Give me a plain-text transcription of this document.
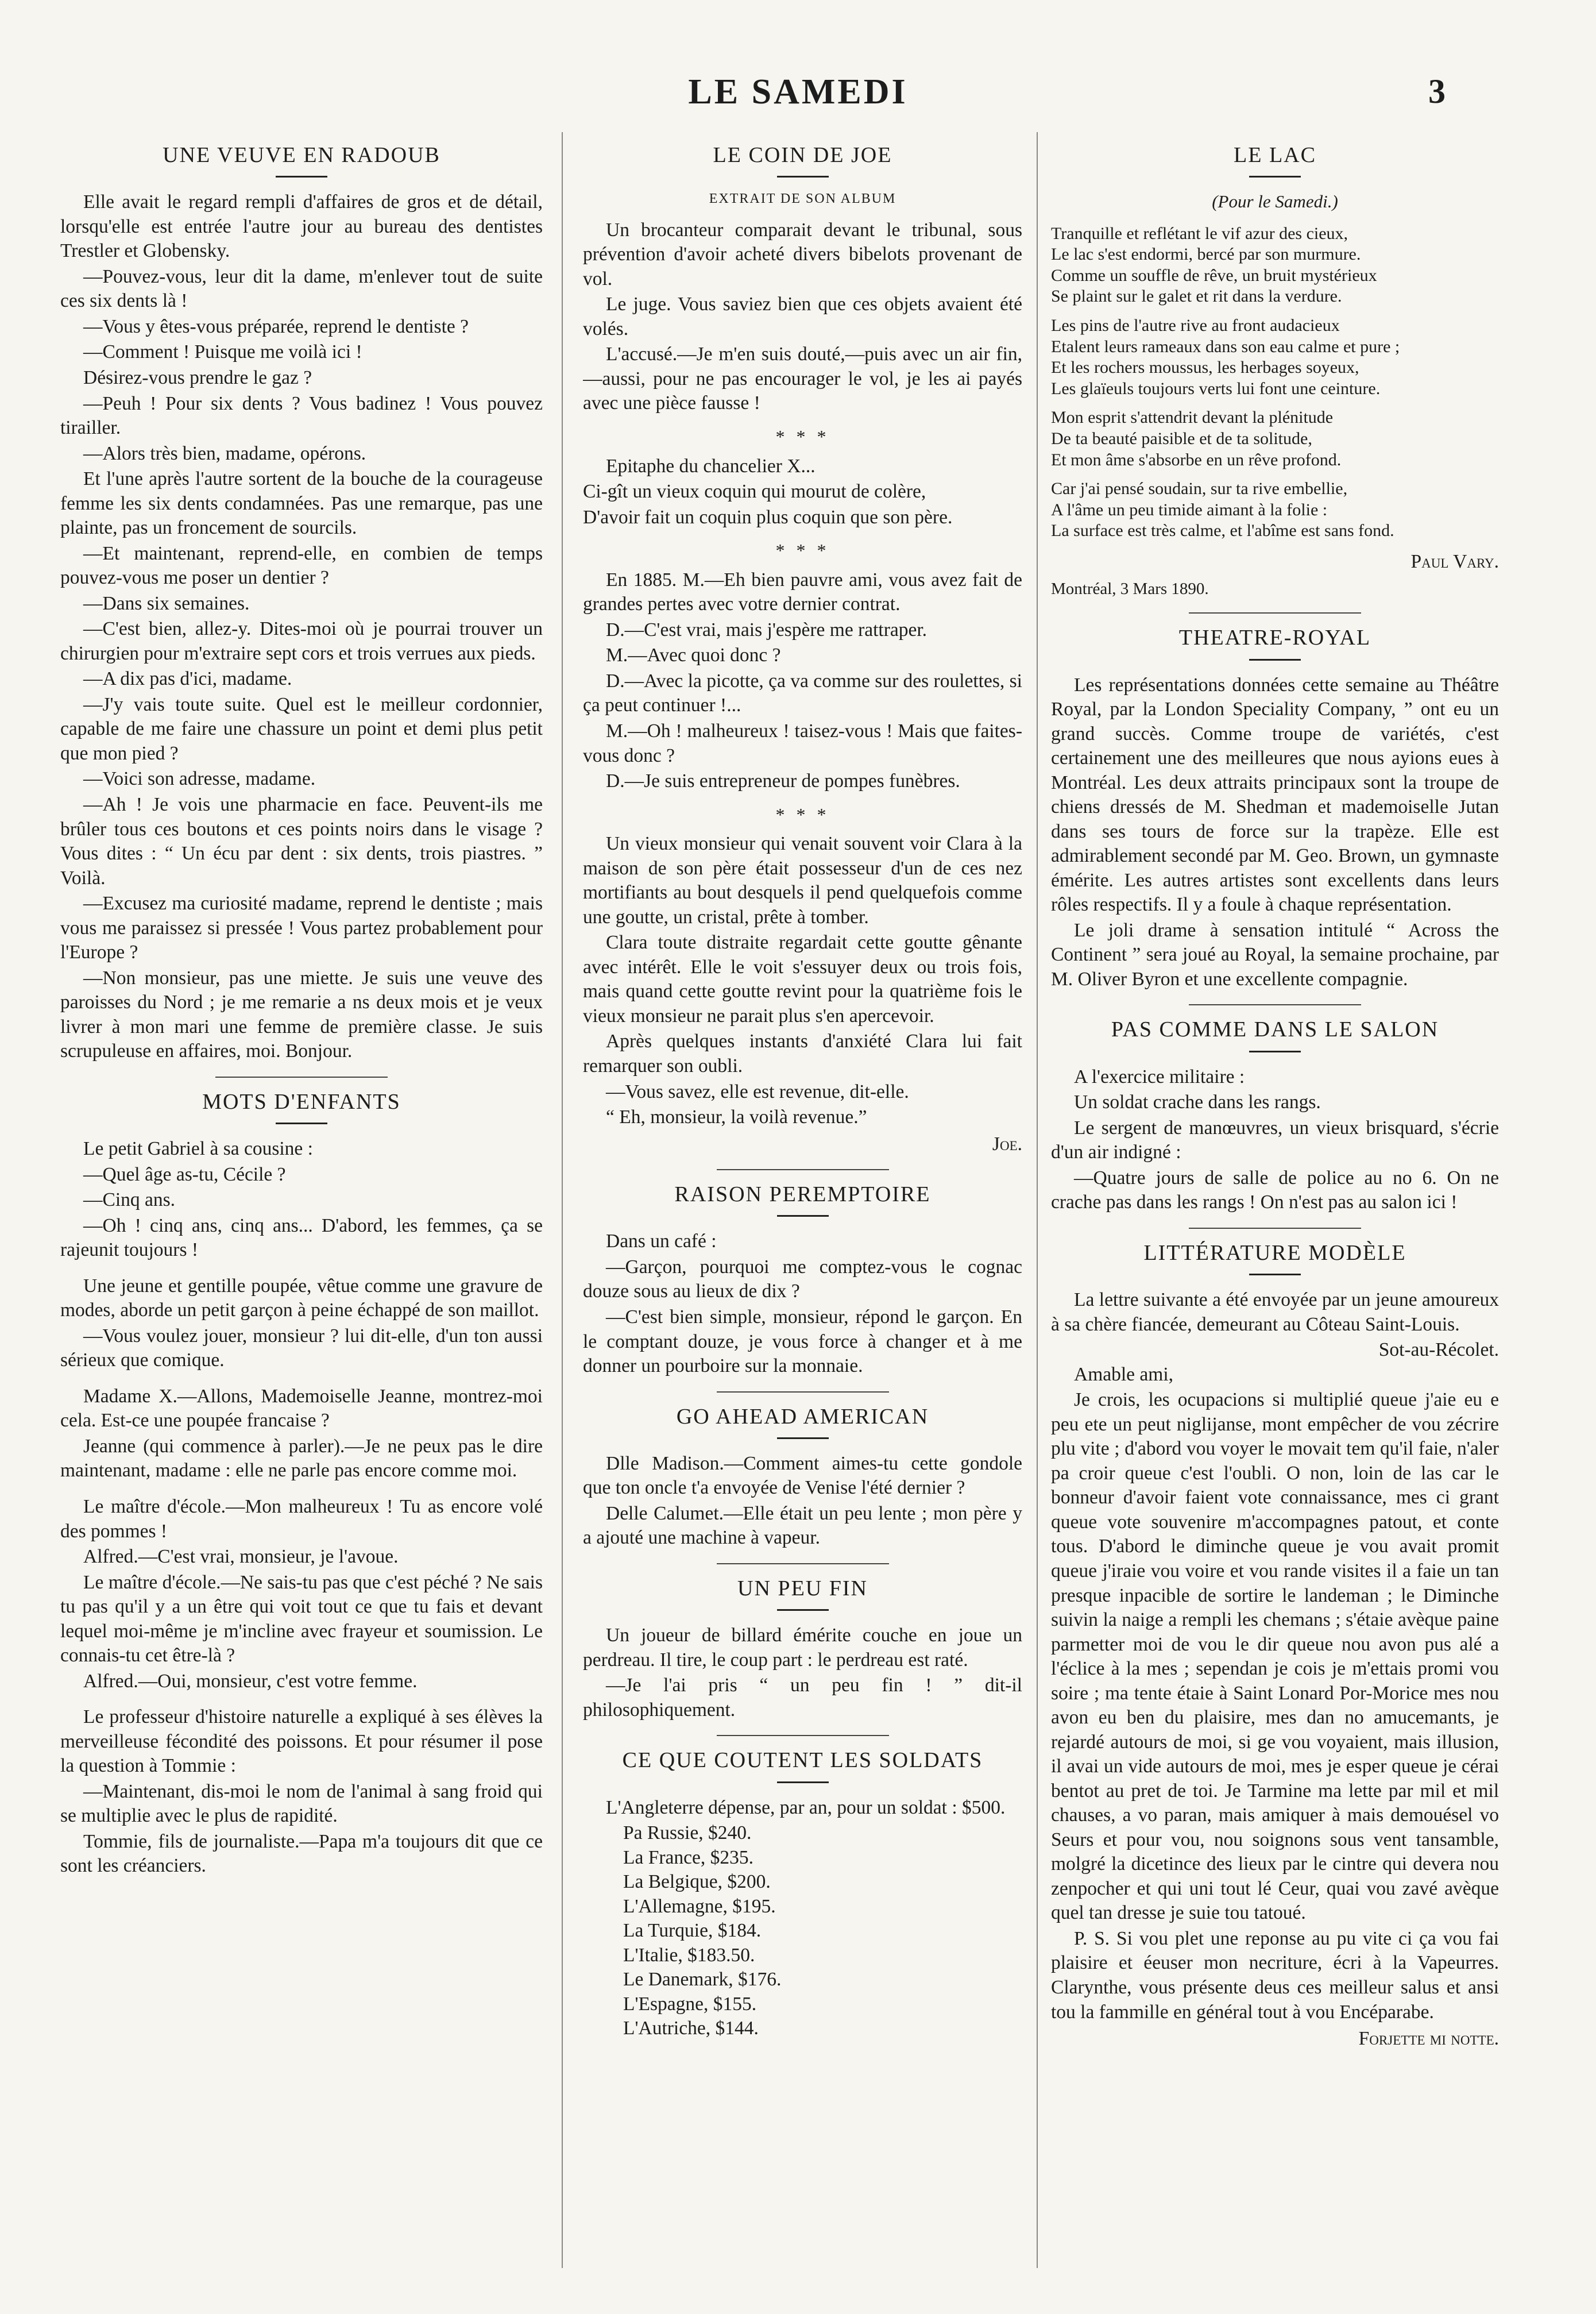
LE SAMEDI	3
UNE VEUVE EN RADOUB

Elle avait le regard rempli d'affaires de gros et de détail, lorsqu'elle est entrée l'autre jour au bureau des dentistes Trestler et Globensky.

—Pouvez-vous, leur dit la dame, m'enlever tout de suite ces six dents là !

—Vous y êtes-vous préparée, reprend le dentiste ?

—Comment ! Puisque me voilà ici !

Désirez-vous prendre le gaz ?

—Peuh ! Pour six dents ? Vous badinez ! Vous pouvez tirailler.

—Alors très bien, madame, opérons.

Et l'une après l'autre sortent de la bouche de la courageuse femme les six dents condamnées. Pas une remarque, pas une plainte, pas un froncement de sourcils.

—Et maintenant, reprend-elle, en combien de temps pouvez-vous me poser un dentier ?

—Dans six semaines.

—C'est bien, allez-y. Dites-moi où je pourrai trouver un chirurgien pour m'extraire sept cors et trois verrues aux pieds.

—A dix pas d'ici, madame.

—J'y vais toute suite. Quel est le meilleur cordonnier, capable de me faire une chassure un point et demi plus petit que mon pied ?

—Voici son adresse, madame.

—Ah ! Je vois une pharmacie en face. Peuvent-ils me brûler tous ces boutons et ces points noirs dans le visage ? Vous dites : “ Un écu par dent : six dents, trois piastres. ” Voilà.

—Excusez ma curiosité madame, reprend le dentiste ; mais vous me paraissez si pressée ! Vous partez probablement pour l'Europe ?

—Non monsieur, pas une miette. Je suis une veuve des paroisses du Nord ; je me remarie a ns deux mois et je veux livrer à mon mari une femme de première classe. Je suis scrupuleuse en affaires, moi. Bonjour.

MOTS D'ENFANTS

Le petit Gabriel à sa cousine :

—Quel âge as-tu, Cécile ?

—Cinq ans.

—Oh ! cinq ans, cinq ans... D'abord, les femmes, ça se rajeunit toujours !

Une jeune et gentille poupée, vêtue comme une gravure de modes, aborde un petit garçon à peine échappé de son maillot.

—Vous voulez jouer, monsieur ? lui dit-elle, d'un ton aussi sérieux que comique.

Madame X.—Allons, Mademoiselle Jeanne, montrez-moi cela. Est-ce une poupée francaise ?

Jeanne (qui commence à parler).—Je ne peux pas le dire maintenant, madame : elle ne parle pas encore comme moi.

Le maître d'école.—Mon malheureux ! Tu as encore volé des pommes !

Alfred.—C'est vrai, monsieur, je l'avoue.

Le maître d'école.—Ne sais-tu pas que c'est péché ? Ne sais tu pas qu'il y a un être qui voit tout ce que tu fais et devant lequel moi-même je m'incline avec frayeur et soumission. Le connais-tu cet être-là ?

Alfred.—Oui, monsieur, c'est votre femme.

Le professeur d'histoire naturelle a expliqué à ses élèves la merveilleuse fécondité des poissons. Et pour résumer il pose la question à Tommie :

—Maintenant, dis-moi le nom de l'animal à sang froid qui se multiplie avec le plus de rapidité.

Tommie, fils de journaliste.—Papa m'a toujours dit que ce sont les créanciers.

LE COIN DE JOE
EXTRAIT DE SON ALBUM

Un brocanteur comparait devant le tribunal, sous prévention d'avoir acheté divers bibelots provenant de vol.

Le juge. Vous saviez bien que ces objets avaient été volés.

L'accusé.—Je m'en suis douté,—puis avec un air fin,—aussi, pour ne pas encourager le vol, je les ai payés avec une pièce fausse !

* * *

Epitaphe du chancelier X...

Ci-gît un vieux coquin qui mourut de colère,

D'avoir fait un coquin plus coquin que son père.

* * *

En 1885. M.—Eh bien pauvre ami, vous avez fait de grandes pertes avec votre dernier contrat.

D.—C'est vrai, mais j'espère me rattraper.

M.—Avec quoi donc ?

D.—Avec la picotte, ça va comme sur des roulettes, si ça peut continuer !...

M.—Oh ! malheureux ! taisez-vous ! Mais que faites-vous donc ?

D.—Je suis entrepreneur de pompes funèbres.

* * *

Un vieux monsieur qui venait souvent voir Clara à la maison de son père était possesseur d'un de ces nez mortifiants au bout desquels il pend quelquefois comme une goutte, un cristal, prête à tomber.

Clara toute distraite regardait cette goutte gênante avec intérêt. Elle le voit s'essuyer deux ou trois fois, mais quand cette goutte revint pour la quatrième fois le vieux monsieur ne parait plus s'en apercevoir.

Après quelques instants d'anxiété Clara lui fait remarquer son oubli.

—Vous savez, elle est revenue, dit-elle.

“ Eh, monsieur, la voilà revenue.”

Joe.
RAISON PEREMPTOIRE

Dans un café :

—Garçon, pourquoi me comptez-vous le cognac douze sous au lieux de dix ?

—C'est bien simple, monsieur, répond le garçon. En le comptant douze, je vous force à changer et à me donner un pourboire sur la monnaie.

GO AHEAD AMERICAN

Dlle Madison.—Comment aimes-tu cette gondole que ton oncle t'a envoyée de Venise l'été dernier ?

Delle Calumet.—Elle était un peu lente ; mon père y a ajouté une machine à vapeur.

UN PEU FIN

Un joueur de billard émérite couche en joue un perdreau. Il tire, le coup part : le perdreau est raté.

—Je l'ai pris “ un peu fin ! ” dit-il philosophiquement.

CE QUE COUTENT LES SOLDATS

L'Angleterre dépense, par an, pour un soldat : $500.

Pa Russie, $240.
La France, $235.
La Belgique, $200.
L'Allemagne, $195.
La Turquie, $184.
L'Italie, $183.50.
Le Danemark, $176.
L'Espagne, $155.
L'Autriche, $144.
LE LAC
(Pour le Samedi.)
Tranquille et reflétant le vif azur des cieux,
Le lac s'est endormi, bercé par son murmure.
Comme un souffle de rêve, un bruit mystérieux
Se plaint sur le galet et rit dans la verdure.
Les pins de l'autre rive au front audacieux
Etalent leurs rameaux dans son eau calme et pure ;
Et les rochers moussus, les herbages soyeux,
Les glaïeuls toujours verts lui font une ceinture.
Mon esprit s'attendrit devant la plénitude
De ta beauté paisible et de ta solitude,
Et mon âme s'absorbe en un rêve profond.
Car j'ai pensé soudain, sur ta rive embellie,
A l'âme un peu timide aimant à la folie :
La surface est très calme, et l'abîme est sans fond.
Paul Vary.
Montréal, 3 Mars 1890.
THEATRE-ROYAL

Les représentations données cette semaine au Théâtre Royal, par la London Speciality Company, ” ont eu un grand succès. Comme troupe de variétés, c'est certainement une des meilleures que nous ayions eues à Montréal. Les deux attraits principaux sont la troupe de chiens dressés de M. Shedman et mademoiselle Jutan dans ses tours de force sur la trapèze. Elle est admirablement secondé par M. Geo. Brown, un gymnaste émérite. Les autres artistes sont excellents dans leurs rôles respectifs. Il y a foule à chaque représentation.

Le joli drame à sensation intitulé “ Across the Continent ” sera joué au Royal, la semaine prochaine, par M. Oliver Byron et une excellente compagnie.

PAS COMME DANS LE SALON

A l'exercice militaire :

Un soldat crache dans les rangs.

Le sergent de manœuvres, un vieux brisquard, s'écrie d'un air indigné :

—Quatre jours de salle de police au no 6. On ne crache pas dans les rangs ! On n'est pas au salon ici !

LITTÉRATURE MODÈLE

La lettre suivante a été envoyée par un jeune amoureux à sa chère fiancée, demeurant au Côteau Saint-Louis.

Sot-au-Récolet.

Amable ami,

Je crois, les ocupacions si multiplié queue j'aie eu e peu ete un peut niglijanse, mont empêcher de vou zécrire plu vite ; d'abord vou voyer le movait tem qu'il faie, n'aler pa croir queue c'est l'oubli. O non, loin de las car le bonneur d'avoir faient vote connaissance, mes ci grant queue vote souvenire m'accompagnes patout, et conte tous. D'abord le diminche queue je vou avait promit queue j'iraie vou voire et vou rande visites il a faie un tan presque inpacible de sortire le landeman ; le Diminche suivin la naige a rempli les chemans ; s'étaie avèque paine parmetter moi de vou le dir queue nou avon pus alé a l'éclice à la mes ; sependan je cois je m'ettais promi vou soire ; ma tente étaie à Saint Lonard Por-Morice mes nou avon eu ben du plaisire, mes dan no amucemants, je rejardé autours de moi, si ge vou voyaient, mais illusion, il avai un vide autours de moi, mes je esper queue je cérai bentot au pret de toi. Je Tarmine ma lette par mil et mil chauses, a vo paran, mais amiquer à mais demouésel vo Seurs et pour vou, nou soignons sous vent tansamble, molgré la dicetince des lieux par le cintre qui devera nou zenpocher et qui uni tout lé Ceur, quai vou zavé avèque quel tan dresse je suie tou tatoué.

P. S. Si vou plet une reponse au pu vite ci ça vou fai plaisire et éeuser mon necriture, écri à la Vapeurres. Clarynthe, vous présente deus ces meilleur salus et ansi tou la fammille en général tout à vou Encéparabe.

Forjette mi notte.
